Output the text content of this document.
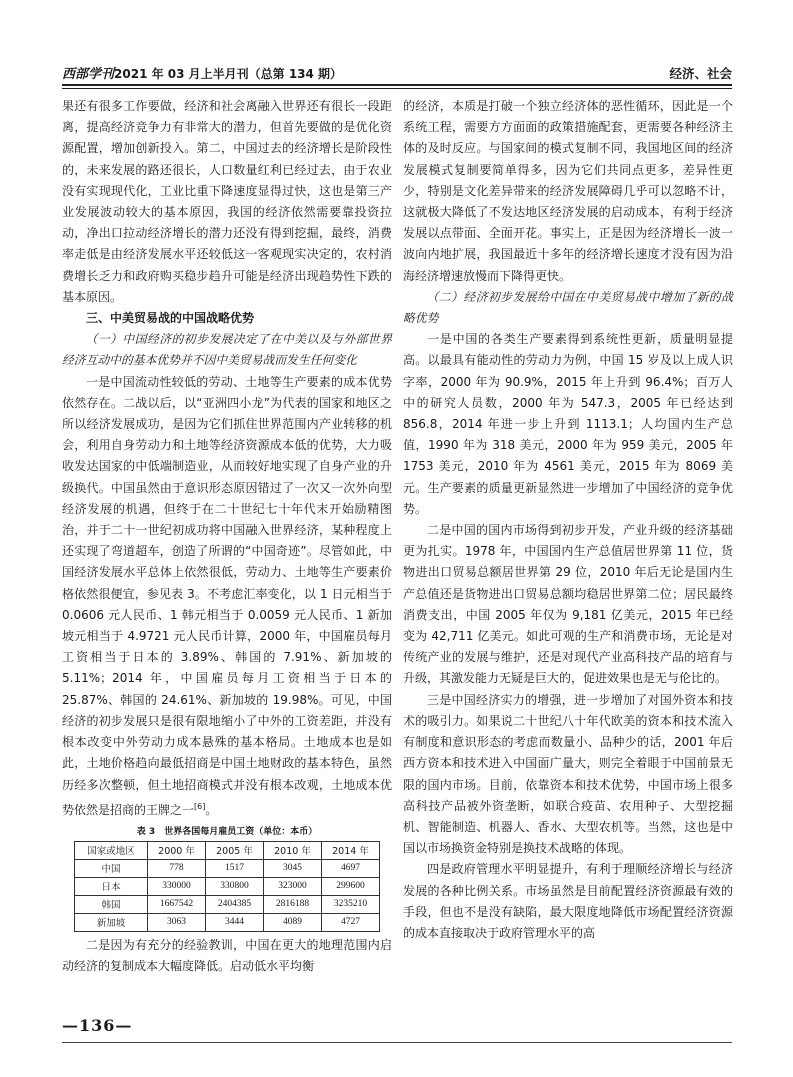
西部学刊2021 年 03 月上半月刊（总第 134 期）	经济、社会

果还有很多工作要做，经济和社会离融入世界还有很长一段距离，提高经济竞争力有非常大的潜力，但首先要做的是优化资源配置，增加创新投入。第二，中国过去的经济增长是阶段性的，未来发展的路还很长，人口数量红利已经过去，由于农业没有实现现代化，工业比重下降速度显得过快，这也是第三产业发展波动较大的基本原因，我国的经济依然需要靠投资拉动，净出口拉动经济增长的潜力还没有得到挖掘，最终，消费率走低是由经济发展水平还较低这一客观现实决定的，农村消费增长乏力和政府购买稳步趋升可能是经济出现趋势性下跌的基本原因。

三、中美贸易战的中国战略优势

（一）中国经济的初步发展决定了在中美以及与外部世界经济互动中的基本优势并不因中美贸易战而发生任何变化

一是中国流动性较低的劳动、土地等生产要素的成本优势依然存在。二战以后，以“亚洲四小龙”为代表的国家和地区之所以经济发展成功，是因为它们抓住世界范围内产业转移的机会，利用自身劳动力和土地等经济资源成本低的优势，大力吸收发达国家的中低端制造业，从而较好地实现了自身产业的升级换代。中国虽然由于意识形态原因错过了一次又一次外向型经济发展的机遇，但终于在二十世纪七十年代末开始励精图治，并于二十一世纪初成功将中国融入世界经济，某种程度上还实现了弯道超车，创造了所谓的“中国奇迹”。尽管如此，中国经济发展水平总体上依然很低，劳动力、土地等生产要素价格依然很便宜，参见表 3。不考虑汇率变化，以 1 日元相当于 0.0606 元人民币、1 韩元相当于 0.0059 元人民币、1 新加坡元相当于 4.9721 元人民币计算，2000 年，中国雇员每月工资相当于日本的 3.89%、韩国的 7.91%、新加坡的 5.11%；2014 年，中国雇员每月工资相当于日本的 25.87%、韩国的 24.61%、新加坡的 19.98%。可见，中国经济的初步发展只是很有限地缩小了中外的工资差距，并没有根本改变中外劳动力成本悬殊的基本格局。土地成本也是如此，土地价格趋向最低招商是中国土地财政的基本特色，虽然历经多次整顿，但土地招商模式并没有根本改观，土地成本优势依然是招商的王牌之一[6]。

表 3　世界各国每月雇员工资（单位：本币）
国家或地区	2000 年	2005 年	2010 年	2014 年
中国	778	1517	3045	4697
日本	330000	330800	323000	299600
韩国	1667542	2404385	2816188	3235210
新加坡	3063	3444	4089	4727

二是因为有充分的经验教训，中国在更大的地理范围内启动经济的复制成本大幅度降低。启动低水平均衡

的经济，本质是打破一个独立经济体的恶性循环，因此是一个系统工程，需要方方面面的政策措施配套，更需要各种经济主体的及时反应。与国家间的模式复制不同，我国地区间的经济发展模式复制要简单得多，因为它们共同点更多，差异性更少，特别是文化差异带来的经济发展障碍几乎可以忽略不计，这就极大降低了不发达地区经济发展的启动成本，有利于经济发展以点带面、全面开花。事实上，正是因为经济增长一波一波向内地扩展，我国最近十多年的经济增长速度才没有因为沿海经济增速放慢而下降得更快。

（二）经济初步发展给中国在中美贸易战中增加了新的战略优势

一是中国的各类生产要素得到系统性更新，质量明显提高。以最具有能动性的劳动力为例，中国 15 岁及以上成人识字率，2000 年为 90.9%，2015 年上升到 96.4%；百万人中的研究人员数，2000 年为 547.3，2005 年已经达到 856.8，2014 年进一步上升到 1113.1；人均国内生产总值，1990 年为 318 美元，2000 年为 959 美元，2005 年 1753 美元，2010 年为 4561 美元，2015 年为 8069 美元。生产要素的质量更新显然进一步增加了中国经济的竞争优势。

二是中国的国内市场得到初步开发，产业升级的经济基础更为扎实。1978 年，中国国内生产总值居世界第 11 位，货物进出口贸易总额居世界第 29 位，2010 年后无论是国内生产总值还是货物进出口贸易总额均稳居世界第二位；居民最终消费支出，中国 2005 年仅为 9,181 亿美元，2015 年已经变为 42,711 亿美元。如此可观的生产和消费市场，无论是对传统产业的发展与维护，还是对现代产业高科技产品的培育与升级，其激发能力无疑是巨大的，促进效果也是无与伦比的。

三是中国经济实力的增强，进一步增加了对国外资本和技术的吸引力。如果说二十世纪八十年代欧美的资本和技术流入有制度和意识形态的考虑而数量小、品种少的话，2001 年后西方资本和技术进入中国面广量大，则完全着眼于中国前景无限的国内市场。目前，依靠资本和技术优势，中国市场上很多高科技产品被外资垄断，如联合疫苗、农用种子、大型挖掘机、智能制造、机器人、香水、大型农机等。当然，这也是中国以市场换资金特别是换技术战略的体现。

四是政府管理水平明显提升，有利于理顺经济增长与经济发展的各种比例关系。市场虽然是目前配置经济资源最有效的手段，但也不是没有缺陷，最大限度地降低市场配置经济资源的成本直接取决于政府管理水平的高

—136—
